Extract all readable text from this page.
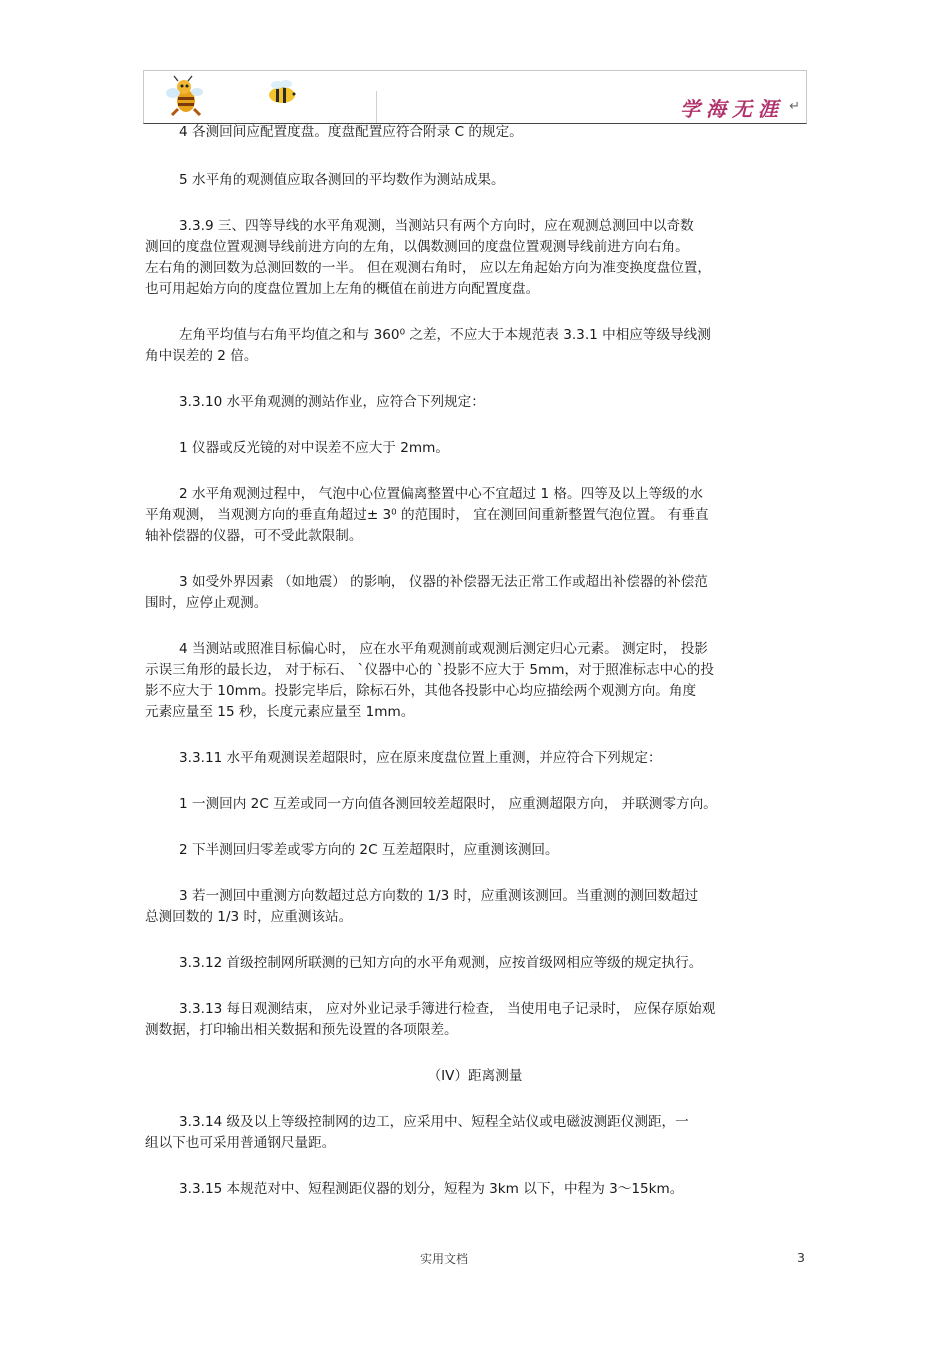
学海无涯 ↵

4 各测回间应配置度盘。度盘配置应符合附录 C 的规定。

5 水平角的观测值应取各测回的平均数作为测站成果。

3.3.9 三、四等导线的水平角观测，当测站只有两个方向时，应在观测总测回中以奇数
测回的度盘位置观测导线前进方向的左角，以偶数测回的度盘位置观测导线前进方向右角。
左右角的测回数为总测回数的一半。 但在观测右角时， 应以左角起始方向为准变换度盘位置，
也可用起始方向的度盘位置加上左角的概值在前进方向配置度盘。

左角平均值与右角平均值之和与 360⁰ 之差，不应大于本规范表 3.3.1 中相应等级导线测
角中误差的 2 倍。

3.3.10 水平角观测的测站作业，应符合下列规定：

1 仪器或反光镜的对中误差不应大于 2mm。

2 水平角观测过程中， 气泡中心位置偏离整置中心不宜超过 1 格。四等及以上等级的水
平角观测， 当观测方向的垂直角超过± 3⁰ 的范围时， 宜在测回间重新整置气泡位置。 有垂直
轴补偿器的仪器，可不受此款限制。

3 如受外界因素 （如地震） 的影响， 仪器的补偿器无法正常工作或超出补偿器的补偿范
围时，应停止观测。

4 当测站或照准目标偏心时， 应在水平角观测前或观测后测定归心元素。 测定时， 投影
示误三角形的最长边， 对于标石、 `仪器中心的 `投影不应大于 5mm，对于照准标志中心的投
影不应大于 10mm。投影完毕后，除标石外，其他各投影中心均应描绘两个观测方向。角度
元素应量至 15 秒，长度元素应量至 1mm。

3.3.11 水平角观测误差超限时，应在原来度盘位置上重测，并应符合下列规定：

1 一测回内 2C 互差或同一方向值各测回较差超限时， 应重测超限方向， 并联测零方向。

2 下半测回归零差或零方向的 2C 互差超限时，应重测该测回。

3 若一测回中重测方向数超过总方向数的 1/3 时，应重测该测回。当重测的测回数超过
总测回数的 1/3 时，应重测该站。

3.3.12 首级控制网所联测的已知方向的水平角观测，应按首级网相应等级的规定执行。

3.3.13 每日观测结束， 应对外业记录手簿进行检查， 当使用电子记录时， 应保存原始观
测数据，打印输出相关数据和预先设置的各项限差。

（IV）距离测量

3.3.14 级及以上等级控制网的边工，应采用中、短程全站仪或电磁波测距仪测距，一
组以下也可采用普通钢尺量距。

3.3.15 本规范对中、短程测距仪器的划分，短程为 3km 以下，中程为 3～15km。

实用文档	3
